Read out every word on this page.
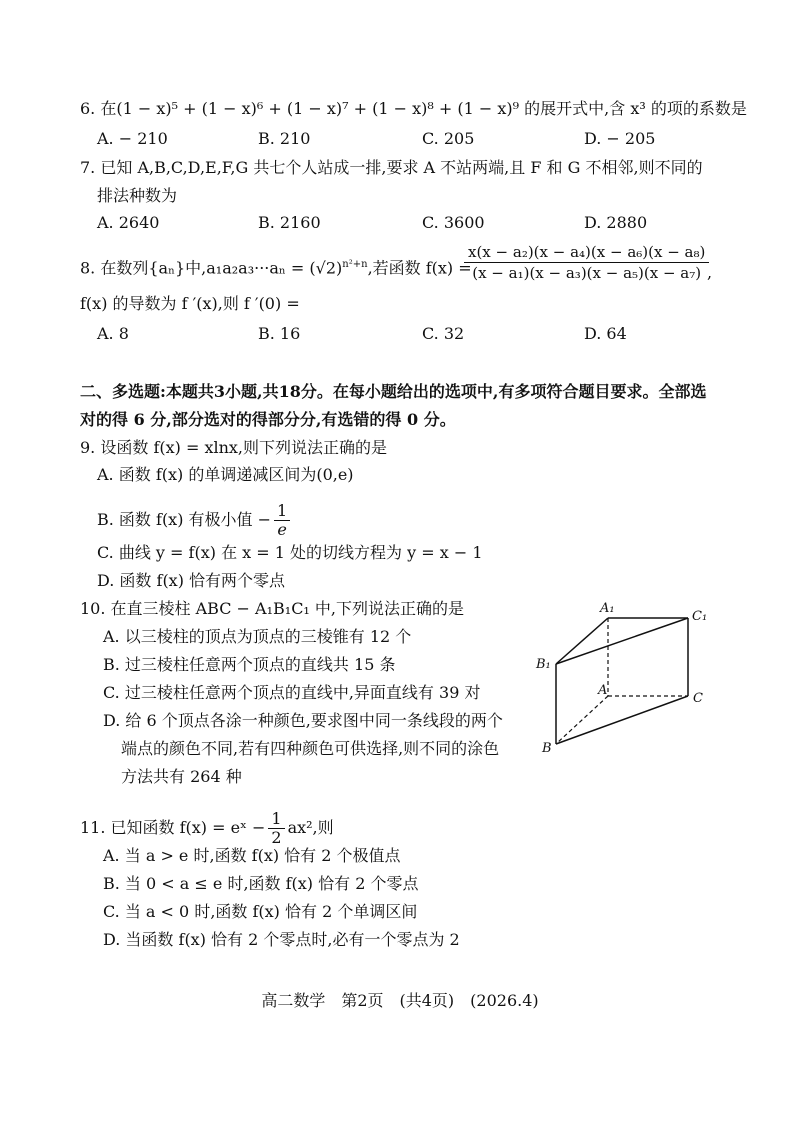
6. 在(1 − x)⁵ + (1 − x)⁶ + (1 − x)⁷ + (1 − x)⁸ + (1 − x)⁹ 的展开式中,含 x³ 的项的系数是
A. − 210	B. 210	C. 205	D. − 205
7. 已知 A,B,C,D,E,F,G 共七个人站成一排,要求 A 不站两端,且 F 和 G 不相邻,则不同的
排法种数为
A. 2640	B. 2160	C. 3600	D. 2880
8. 在数列{aₙ}中$,a_1a_2a_3\cdot\cdot\cdot a_n = (√2)^{n^2+n}$,若函数 f(x) =
$\frac{\text{x(x − a₂)(x − a₄)(x − a₆)(x − a₈)}}{\text{(x − a₁)(x − a₃)(x − a₅)(x − a₇)}}$
,
f(x) 的导数为 f ′(x),则 f ′(0) =
A. 8	B. 16	C. 32	D. 64
二、多选题:本题共3小题,共18分。在每小题给出的选项中,有多项符合题目要求。全部选
对的得 6 分,部分选对的得部分分,有选错的得 0 分。
9. 设函数 f(x) = xlnx,则下列说法正确的是
A. 函数 f(x) 的单调递减区间为(0,e)
B. 函数 f(x) 有极小值 − $\frac{1}{e}$
C. 曲线 y = f(x) 在 x = 1 处的切线方程为 y = x − 1
D. 函数 f(x) 恰有两个零点
10. 在直三棱柱 ABC − A₁B₁C₁ 中,下列说法正确的是
A. 以三棱柱的顶点为顶点的三棱锥有 12 个
B. 过三棱柱任意两个顶点的直线共 15 条
C. 过三棱柱任意两个顶点的直线中,异面直线有 39 对
D. 给 6 个顶点各涂一种颜色,要求图中同一条线段的两个
端点的颜色不同,若有四种颜色可供选择,则不同的涂色
方法共有 264 种
A₁
C₁
B₁
A
C
B
11. 已知函数 f(x) = eˣ − $\frac{1}{2} ax^2$,则
A. 当 a > e 时,函数 f(x) 恰有 2 个极值点
B. 当 0 < a ≤ e 时,函数 f(x) 恰有 2 个零点
C. 当 a < 0 时,函数 f(x) 恰有 2 个单调区间
D. 当函数 f(x) 恰有 2 个零点时,必有一个零点为 2
高二数学　第2页　(共4页)　(2026.4)
